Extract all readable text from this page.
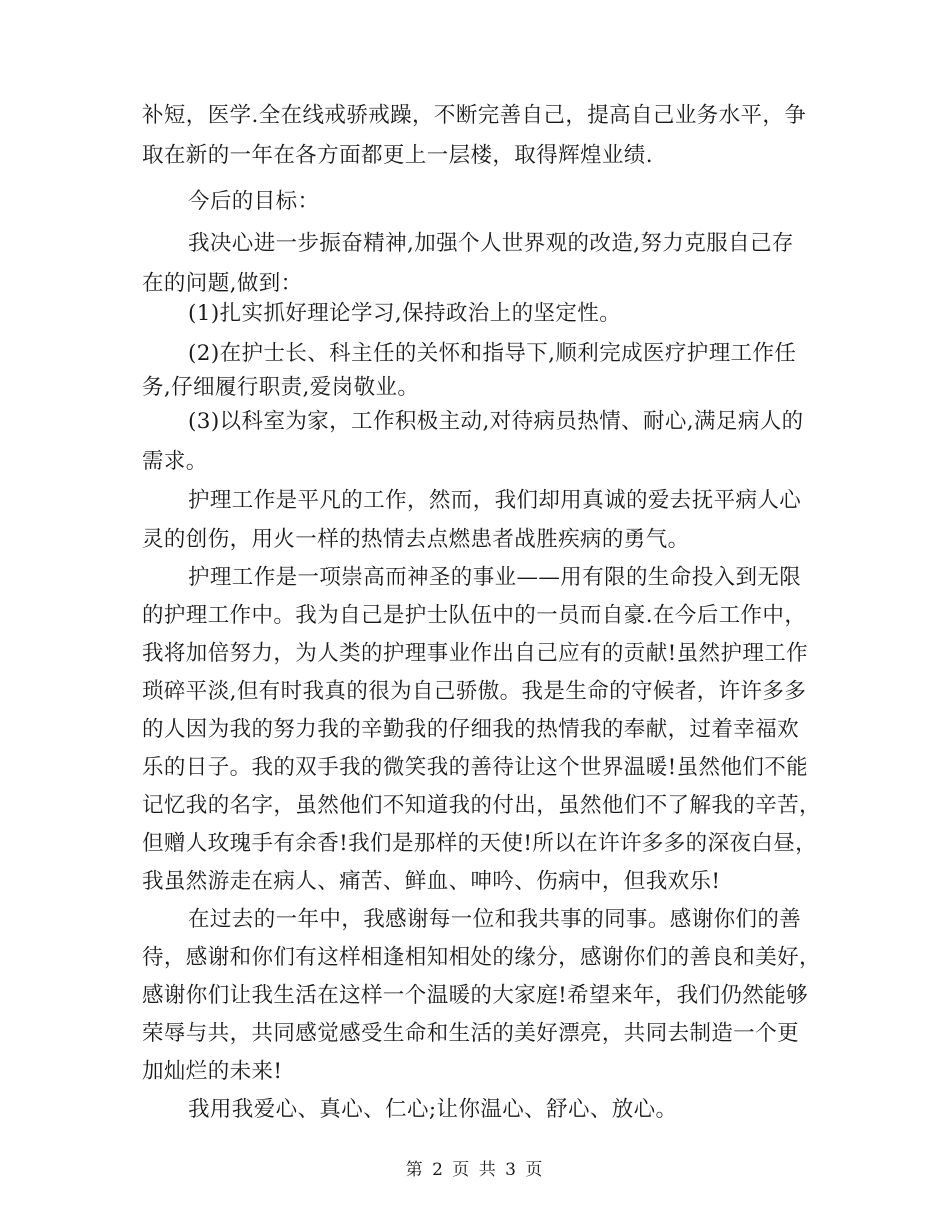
补短，医学.全在线戒骄戒躁，不断完善自己，提高自己业务水平，争
取在新的一年在各方面都更上一层楼，取得辉煌业绩.
今后的目标：
我决心进一步振奋精神,加强个人世界观的改造,努力克服自己存
在的问题,做到：
(1)扎实抓好理论学习,保持政治上的坚定性。
(2)在护士长、科主任的关怀和指导下,顺利完成医疗护理工作任
务,仔细履行职责,爱岗敬业。
(3)以科室为家，工作积极主动,对待病员热情、耐心,满足病人的
需求。
护理工作是平凡的工作，然而，我们却用真诚的爱去抚平病人心
灵的创伤，用火一样的热情去点燃患者战胜疾病的勇气。
护理工作是一项崇高而神圣的事业——用有限的生命投入到无限
的护理工作中。我为自己是护士队伍中的一员而自豪.在今后工作中，
我将加倍努力，为人类的护理事业作出自己应有的贡献!虽然护理工作
琐碎平淡,但有时我真的很为自己骄傲。我是生命的守候者，许许多多
的人因为我的努力我的辛勤我的仔细我的热情我的奉献，过着幸福欢
乐的日子。我的双手我的微笑我的善待让这个世界温暖!虽然他们不能
记忆我的名字，虽然他们不知道我的付出，虽然他们不了解我的辛苦，
但赠人玫瑰手有余香!我们是那样的天使!所以在许许多多的深夜白昼，
我虽然游走在病人、痛苦、鲜血、呻吟、伤病中，但我欢乐!
在过去的一年中，我感谢每一位和我共事的同事。感谢你们的善
待，感谢和你们有这样相逢相知相处的缘分，感谢你们的善良和美好，
感谢你们让我生活在这样一个温暖的大家庭!希望来年，我们仍然能够
荣辱与共，共同感觉感受生命和生活的美好漂亮，共同去制造一个更
加灿烂的未来!
我用我爱心、真心、仁心;让你温心、舒心、放心。
第 2 页 共 3 页
